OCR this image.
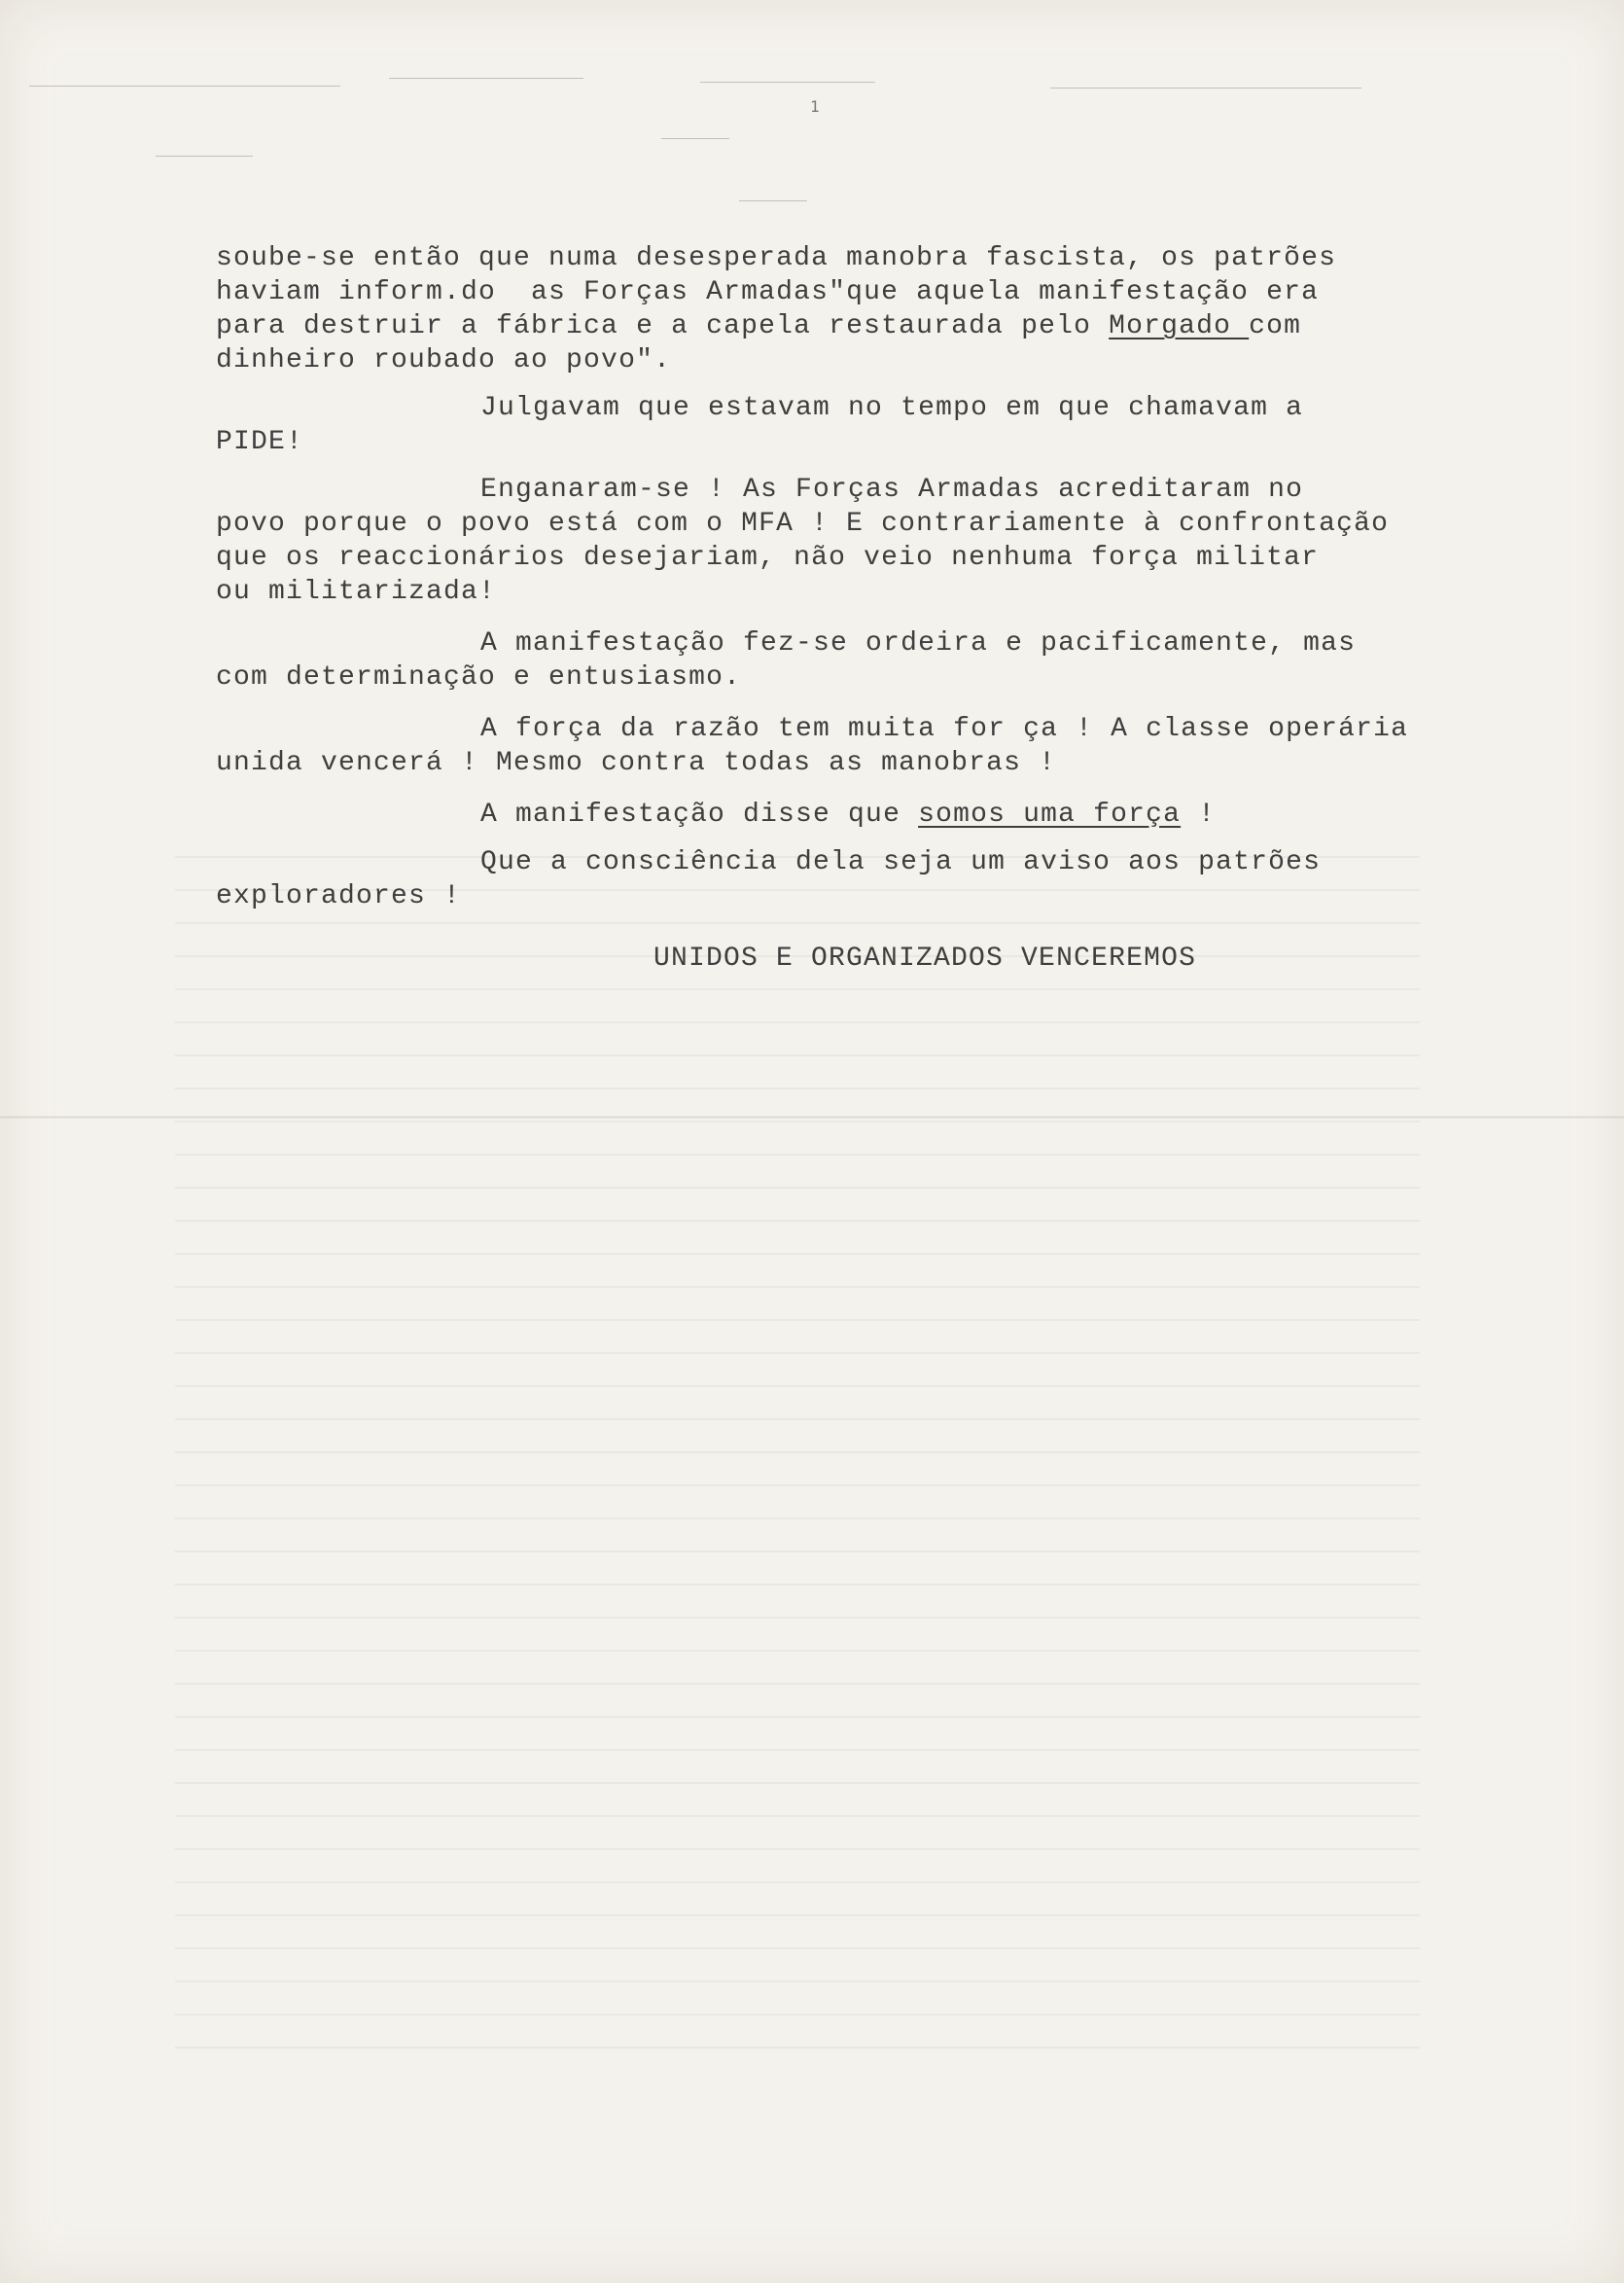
1

soube-se então que numa desesperada manobra fascista, os patrões

haviam inform.do  as Forças Armadas"que aquela manifestação era

para destruir a fábrica e a capela restaurada pelo Morgado com

dinheiro roubado ao povo".

Julgavam que estavam no tempo em que chamavam a

PIDE!

Enganaram-se ! As Forças Armadas acreditaram no

povo porque o povo está com o MFA ! E contrariamente à confrontação

que os reaccionários desejariam, não veio nenhuma força militar

ou militarizada!

A manifestação fez-se ordeira e pacificamente, mas

com determinação e entusiasmo.

A força da razão tem muita for ça ! A classe operária

unida vencerá ! Mesmo contra todas as manobras !

A manifestação disse que somos uma força !

Que a consciência dela seja um aviso aos patrões

exploradores !

UNIDOS E ORGANIZADOS VENCEREMOS
